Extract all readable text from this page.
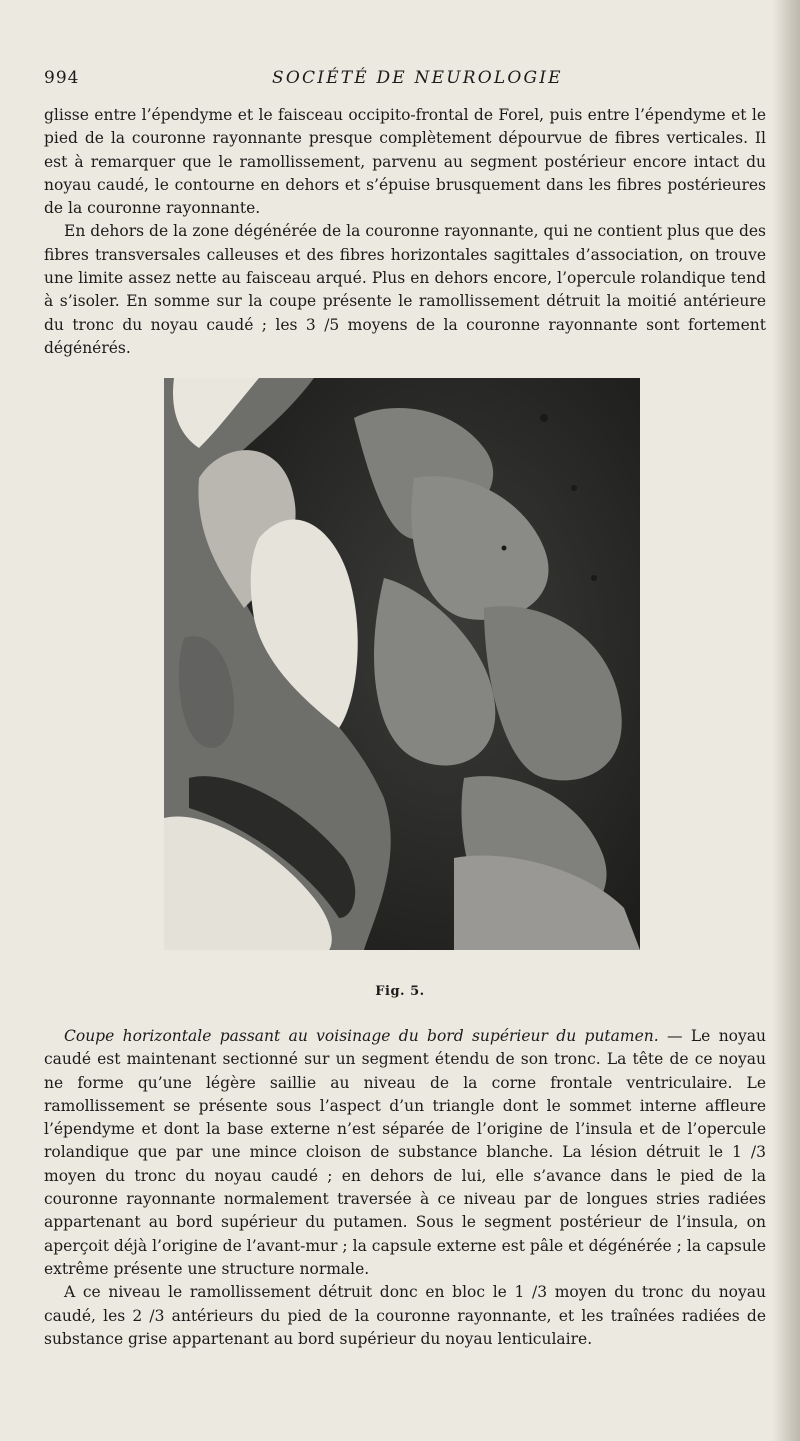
994	SOCIÉTÉ DE NEUROLOGIE

glisse entre l’épendyme et le faisceau occipito-frontal de Forel, puis entre l’épendyme et le pied de la couronne rayonnante presque complètement dépourvue de fibres verticales. Il est à remarquer que le ramollissement, parvenu au segment postérieur encore intact du noyau caudé, le contourne en dehors et s’épuise brusquement dans les fibres postérieures de la couronne rayonnante.

En dehors de la zone dégénérée de la couronne rayonnante, qui ne contient plus que des fibres transversales calleuses et des fibres horizontales sagittales d’association, on trouve une limite assez nette au faisceau arqué. Plus en dehors encore, l’opercule rolandique tend à s’isoler. En somme sur la coupe présente le ramollissement détruit la moitié antérieure du tronc du noyau caudé ; les 3 /5 moyens de la couronne rayonnante sont fortement dégénérés.

Fig. 5.

Coupe horizontale passant au voisinage du bord supérieur du putamen. — Le noyau caudé est maintenant sectionné sur un segment étendu de son tronc. La tête de ce noyau ne forme qu’une légère saillie au niveau de la corne frontale ventriculaire. Le ramollissement se présente sous l’aspect d’un triangle dont le sommet interne affleure l’épendyme et dont la base externe n’est séparée de l’origine de l’insula et de l’opercule rolandique que par une mince cloison de substance blanche. La lésion détruit le 1 /3 moyen du tronc du noyau caudé ; en dehors de lui, elle s’avance dans le pied de la couronne rayonnante normalement traversée à ce niveau par de longues stries radiées appartenant au bord supérieur du putamen. Sous le segment postérieur de l’insula, on aperçoit déjà l’origine de l’avant-mur ; la capsule externe est pâle et dégénérée ; la capsule extrême présente une structure normale.

A ce niveau le ramollissement détruit donc en bloc le 1 /3 moyen du tronc du noyau caudé, les 2 /3 antérieurs du pied de la couronne rayonnante, et les traînées radiées de substance grise appartenant au bord supérieur du noyau lenticulaire.
